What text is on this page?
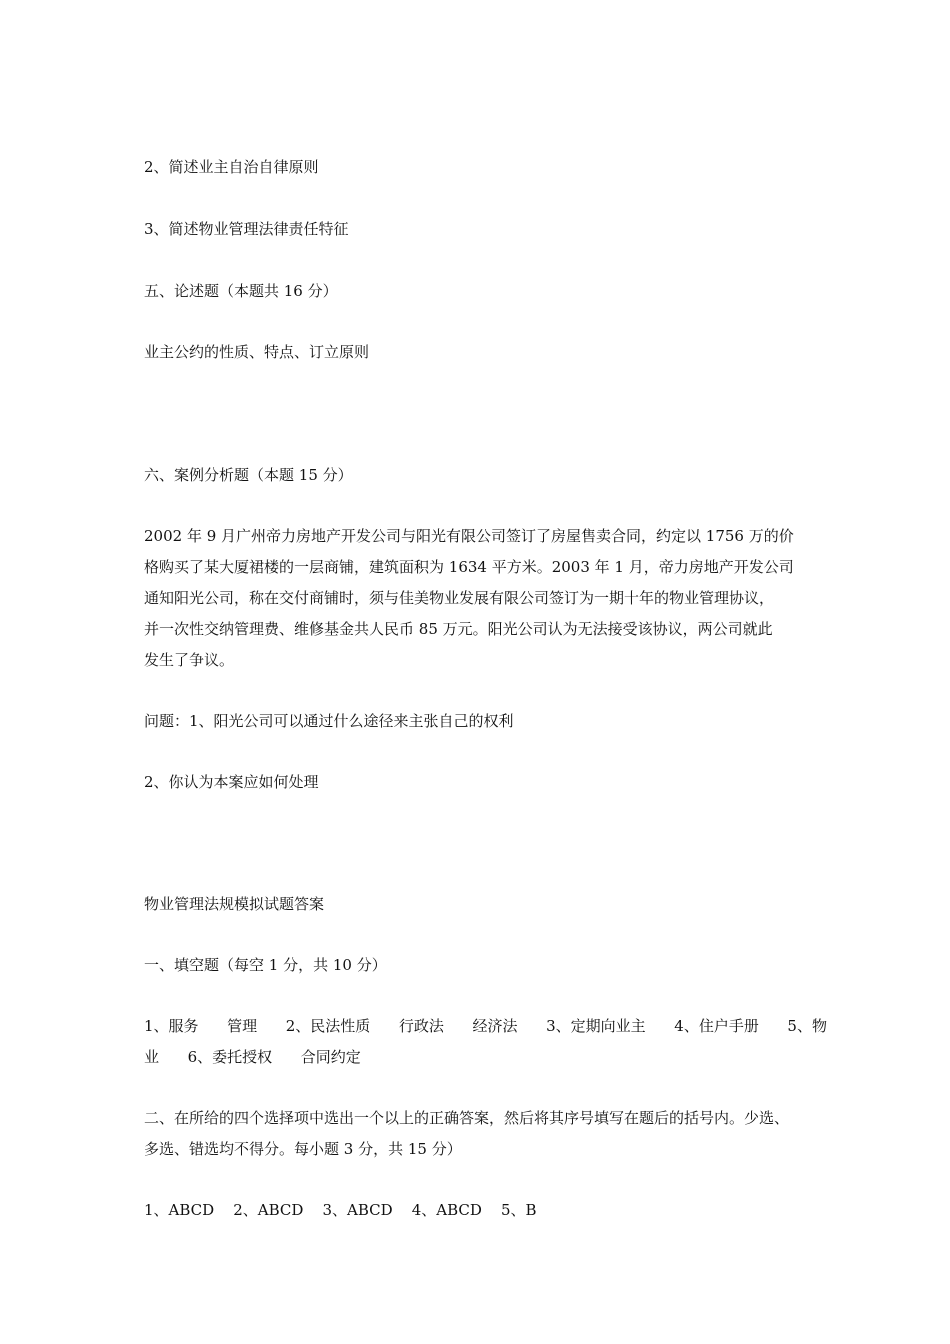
2、简述业主自治自律原则
3、简述物业管理法律责任特征
五、论述题（本题共 16 分）
业主公约的性质、特点、订立原则
六、案例分析题（本题 15 分）
2002 年 9 月广州帝力房地产开发公司与阳光有限公司签订了房屋售卖合同，约定以 1756 万的价
格购买了某大厦裙楼的一层商铺，建筑面积为 1634 平方米。2003 年 1 月，帝力房地产开发公司
通知阳光公司，称在交付商铺时，须与佳美物业发展有限公司签订为一期十年的物业管理协议，
并一次性交纳管理费、维修基金共人民币 85 万元。阳光公司认为无法接受该协议，两公司就此
发生了争议。
问题：1、阳光公司可以通过什么途径来主张自己的权利
2、你认为本案应如何处理
物业管理法规模拟试题答案
一、填空题（每空 1 分，共 10 分）
1、服务      管理      2、民法性质      行政法      经济法      3、定期向业主      4、住户手册      5、物
业      6、委托授权      合同约定
二、在所给的四个选择项中选出一个以上的正确答案，然后将其序号填写在题后的括号内。少选、
多选、错选均不得分。每小题 3 分，共 15 分）
1、ABCD    2、ABCD    3、ABCD    4、ABCD    5、B
